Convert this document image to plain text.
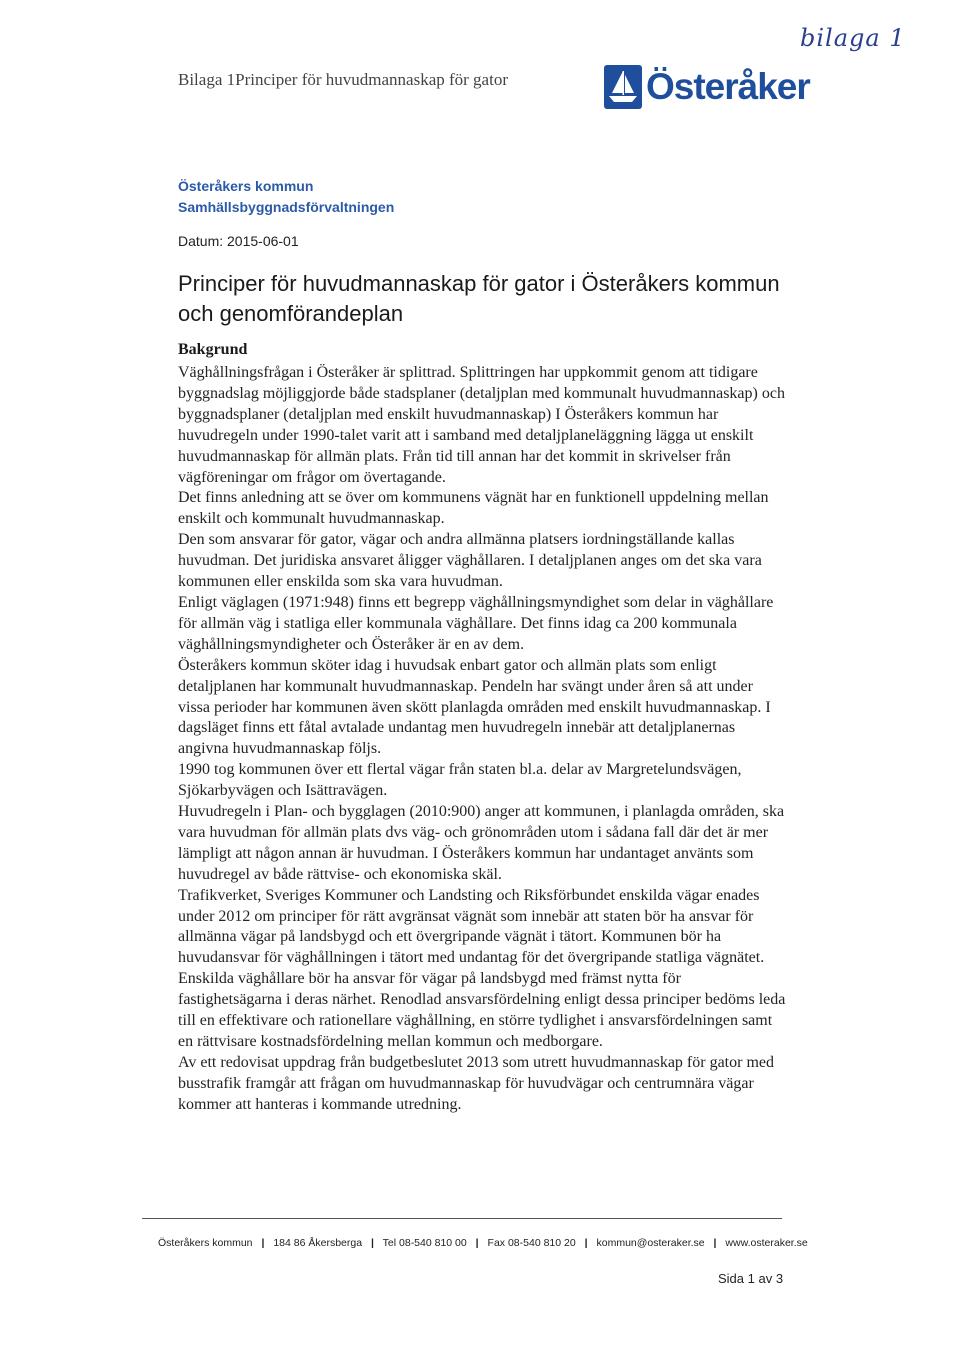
bilaga 1
Bilaga 1Principer för huvudmannaskap för gator	Österåker
Österåkers kommun
Samhällsbyggnadsförvaltningen
Datum: 2015-06-01
Principer för huvudmannaskap för gator i Österåkers kommun och genomförandeplan
Bakgrund

Väghållningsfrågan i Österåker är splittrad. Splittringen har uppkommit genom att tidigare byggnadslag möjliggjorde både stadsplaner (detaljplan med kommunalt huvudmannaskap) och byggnadsplaner (detaljplan med enskilt huvudmannaskap) I Österåkers kommun har huvudregeln under 1990-talet varit att i samband med detaljplaneläggning lägga ut enskilt huvudmannaskap för allmän plats. Från tid till annan har det kommit in skrivelser från vägföreningar om frågor om övertagande.

Det finns anledning att se över om kommunens vägnät har en funktionell uppdelning mellan enskilt och kommunalt huvudmannaskap.

Den som ansvarar för gator, vägar och andra allmänna platsers iordningställande kallas huvudman. Det juridiska ansvaret åligger väghållaren. I detaljplanen anges om det ska vara kommunen eller enskilda som ska vara huvudman.

Enligt väglagen (1971:948) finns ett begrepp väghållningsmyndighet som delar in väghållare för allmän väg i statliga eller kommunala väghållare. Det finns idag ca 200 kommunala väghållningsmyndigheter och Österåker är en av dem.

Österåkers kommun sköter idag i huvudsak enbart gator och allmän plats som enligt detaljplanen har kommunalt huvudmannaskap. Pendeln har svängt under åren så att under vissa perioder har kommunen även skött planlagda områden med enskilt huvudmannaskap. I dagsläget finns ett fåtal avtalade undantag men huvudregeln innebär att detaljplanernas angivna huvudmannaskap följs.

1990 tog kommunen över ett flertal vägar från staten bl.a. delar av Margretelundsvägen, Sjökarbyvägen och Isättravägen.

Huvudregeln i Plan- och bygglagen (2010:900) anger att kommunen, i planlagda områden, ska vara huvudman för allmän plats dvs väg- och grönområden utom i sådana fall där det är mer lämpligt att någon annan är huvudman. I Österåkers kommun har undantaget använts som huvudregel av både rättvise- och ekonomiska skäl.

Trafikverket, Sveriges Kommuner och Landsting och Riksförbundet enskilda vägar enades under 2012 om principer för rätt avgränsat vägnät som innebär att staten bör ha ansvar för allmänna vägar på landsbygd och ett övergripande vägnät i tätort. Kommunen bör ha huvudansvar för väghållningen i tätort med undantag för det övergripande statliga vägnätet. Enskilda väghållare bör ha ansvar för vägar på landsbygd med främst nytta för fastighetsägarna i deras närhet. Renodlad ansvarsfördelning enligt dessa principer bedöms leda till en effektivare och rationellare väghållning, en större tydlighet i ansvarsfördelningen samt en rättvisare kostnadsfördelning mellan kommun och medborgare.

Av ett redovisat uppdrag från budgetbeslutet 2013 som utrett huvudmannaskap för gator med busstrafik framgår att frågan om huvudmannaskap för huvudvägar och centrumnära vägar kommer att hanteras i kommande utredning.

Österåkers kommun | 184 86 Åkersberga | Tel 08-540 810 00 | Fax 08-540 810 20 | kommun@osteraker.se | www.osteraker.se
Sida 1 av 3
